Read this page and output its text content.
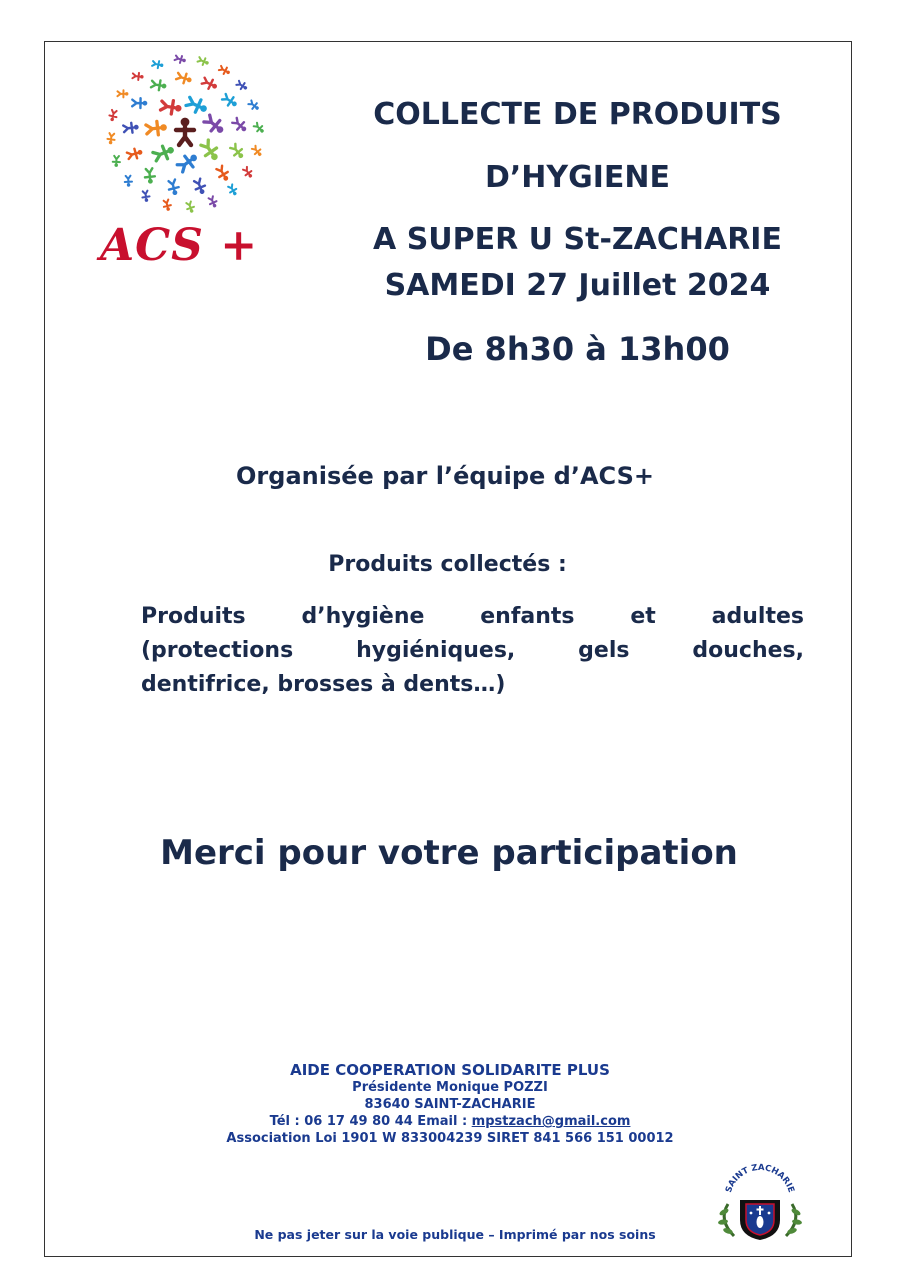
ACS +
COLLECTE DE PRODUITS
D’HYGIENE
A SUPER U St-ZACHARIE
SAMEDI 27 Juillet 2024
De 8h30 à 13h00
Organisée par l’équipe d’ACS+
Produits collectés :
Produits	d’hygiène	enfants	et	adultes
(protections	hygiéniques,	gels	douches,
dentifrice, brosses à dents…)
Merci pour votre participation
AIDE COOPERATION SOLIDARITE PLUS
Présidente Monique POZZI
83640 SAINT-ZACHARIE
Tél : 06 17 49 80 44 Email : mpstzach@gmail.com
Association Loi 1901 W 833004239 SIRET 841 566 151 00012
SAINT ZACHARIE
Ne pas jeter sur la voie publique – Imprimé par nos soins
